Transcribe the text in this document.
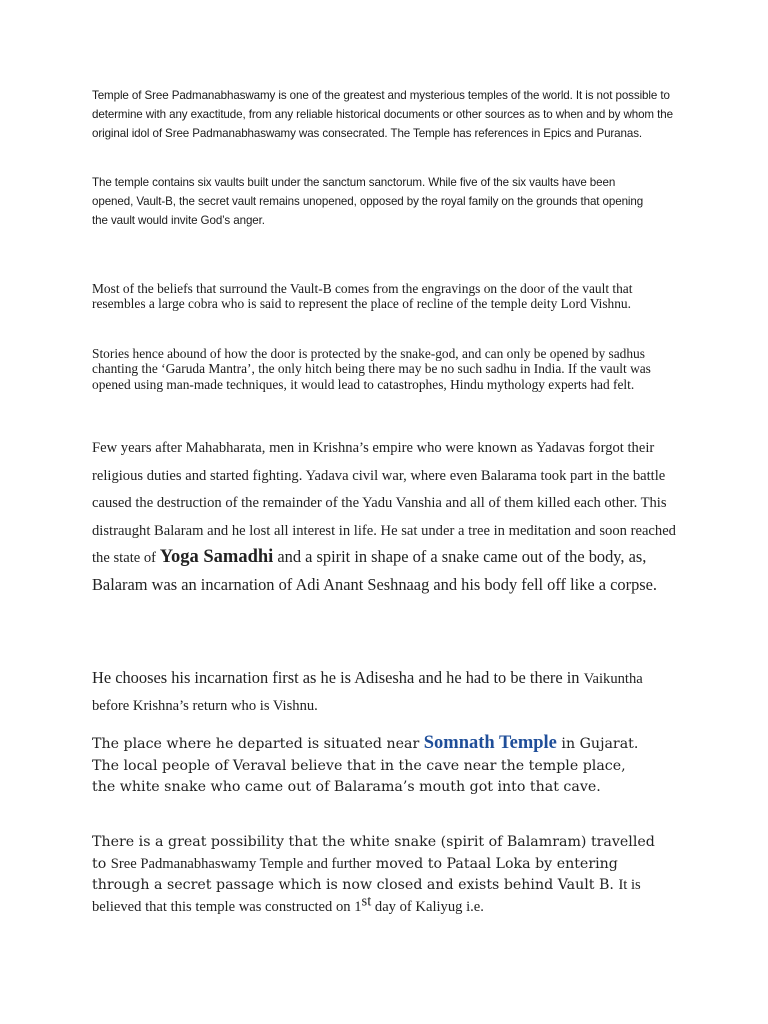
Temple of Sree Padmanabhaswamy is one of the greatest and mysterious temples of the world. It is not possible to determine with any exactitude, from any reliable historical documents or other sources as to when and by whom the original idol of Sree Padmanabhaswamy was consecrated. The Temple has references in Epics and Puranas.

The temple contains six vaults built under the sanctum sanctorum. While five of the six vaults have been opened, Vault-B, the secret vault remains unopened, opposed by the royal family on the grounds that opening the vault would invite God’s anger.

Most of the beliefs that surround the Vault-B comes from the engravings on the door of the vault that resembles a large cobra who is said to represent the place of recline of the temple deity Lord Vishnu.

Stories hence abound of how the door is protected by the snake-god, and can only be opened by sadhus chanting the ‘Garuda Mantra’, the only hitch being there may be no such sadhu in India. If the vault was opened using man-made techniques, it would lead to catastrophes, Hindu mythology experts had felt.

Few years after Mahabharata, men in Krishna’s empire who were known as Yadavas forgot their religious duties and started fighting. Yadava civil war, where even Balarama took part in the battle caused the destruction of the remainder of the Yadu Vanshia and all of them killed each other. This distraught Balaram and he lost all interest in life. He sat under a tree in meditation and soon reached the state of Yoga Samadhi and a spirit in shape of a snake came out of the body, as, Balaram was an incarnation of Adi Anant Seshnaag and his body fell off like a corpse.

He chooses his incarnation first as he is Adisesha and he had to be there in Vaikuntha before Krishna’s return who is Vishnu.

The place where he departed is situated near Somnath Temple in Gujarat. The local people of Veraval believe that in the cave near the temple place, the white snake who came out of Balarama’s mouth got into that cave.

There is a great possibility that the white snake (spirit of Balamram) travelled to Sree Padmanabhaswamy Temple and further moved to Pataal Loka by entering through a secret passage which is now closed and exists behind Vault B. It is believed that this temple was constructed on 1st day of Kaliyug i.e.
